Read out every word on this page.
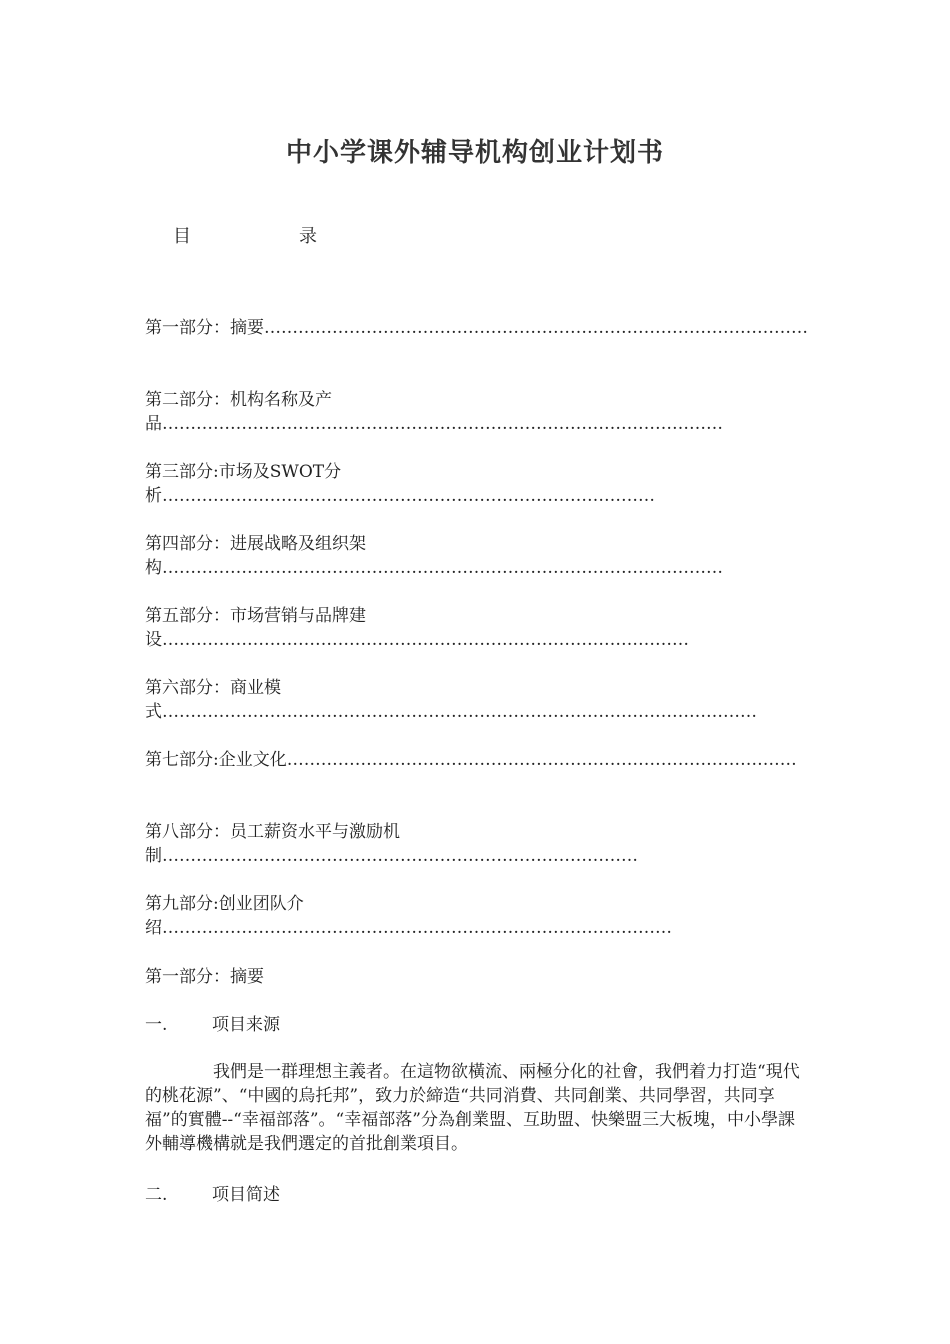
中小学课外辅导机构创业计划书
目	录
第一部分：摘要……………………………………………………………………………………
第二部分：机构名称及产品………………………………………………………………………………………
第三部分:市场及SWOT分析……………………………………………………………………………
第四部分：进展战略及组织架构………………………………………………………………………………………
第五部分：市场营销与品牌建设…………………………………………………………………………………
第六部分：商业模式……………………………………………………………………………………………
第七部分:企业文化………………………………………………………………………………
第八部分：员工薪资水平与激励机制…………………………………………………………………………
第九部分:创业团队介绍………………………………………………………………………………
第一部分：摘要
一.	项目来源
我們是一群理想主義者。在這物欲橫流、兩極分化的社會，我們着力打造“現代的桃花源”、“中國的烏托邦”，致力於締造“共同消費、共同創業、共同學習，共同享福”的實體--“幸福部落”。“幸福部落”分為創業盟、互助盟、快樂盟三大板塊，中小學課外輔導機構就是我們選定的首批創業項目。
二.	项目简述
